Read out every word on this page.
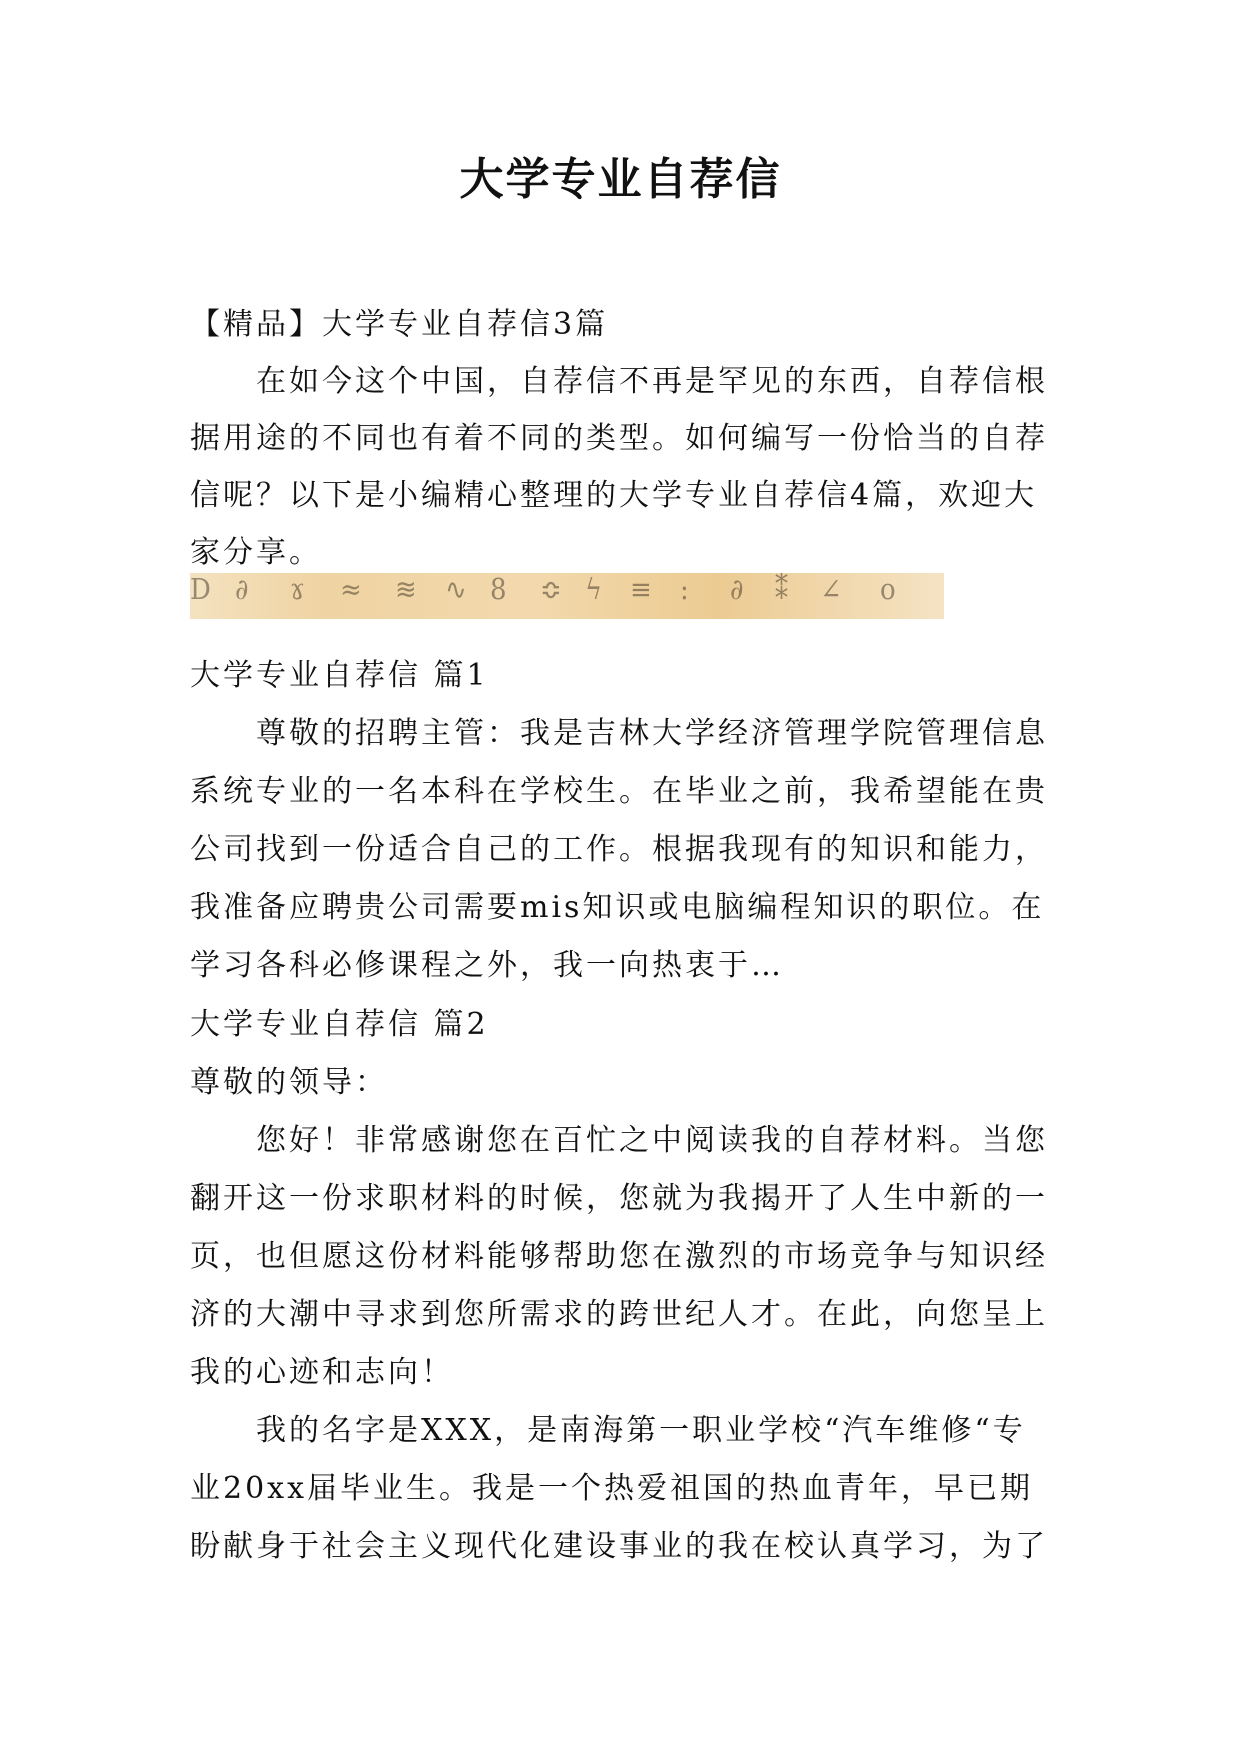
大学专业自荐信

【精品】大学专业自荐信3篇

在如今这个中国，自荐信不再是罕见的东西，自荐信根

据用途的不同也有着不同的类型。如何编写一份恰当的自荐

信呢？以下是小编精心整理的大学专业自荐信4篇，欢迎大

家分享。

D ∂ ɤ ≈ ≋ ∿ 8 ≎ ϟ ≡ : ∂ ⁑ ∠ o

大学专业自荐信 篇1

尊敬的招聘主管：我是吉林大学经济管理学院管理信息

系统专业的一名本科在学校生。在毕业之前，我希望能在贵

公司找到一份适合自己的工作。根据我现有的知识和能力，

我准备应聘贵公司需要mis知识或电脑编程知识的职位。在

学习各科必修课程之外，我一向热衷于…

大学专业自荐信 篇2

尊敬的领导：

您好！非常感谢您在百忙之中阅读我的自荐材料。当您

翻开这一份求职材料的时候，您就为我揭开了人生中新的一

页，也但愿这份材料能够帮助您在激烈的市场竞争与知识经

济的大潮中寻求到您所需求的跨世纪人才。在此，向您呈上

我的心迹和志向！

我的名字是XXX，是南海第一职业学校“汽车维修“专

业20xx届毕业生。我是一个热爱祖国的热血青年，早已期

盼献身于社会主义现代化建设事业的我在校认真学习，为了
